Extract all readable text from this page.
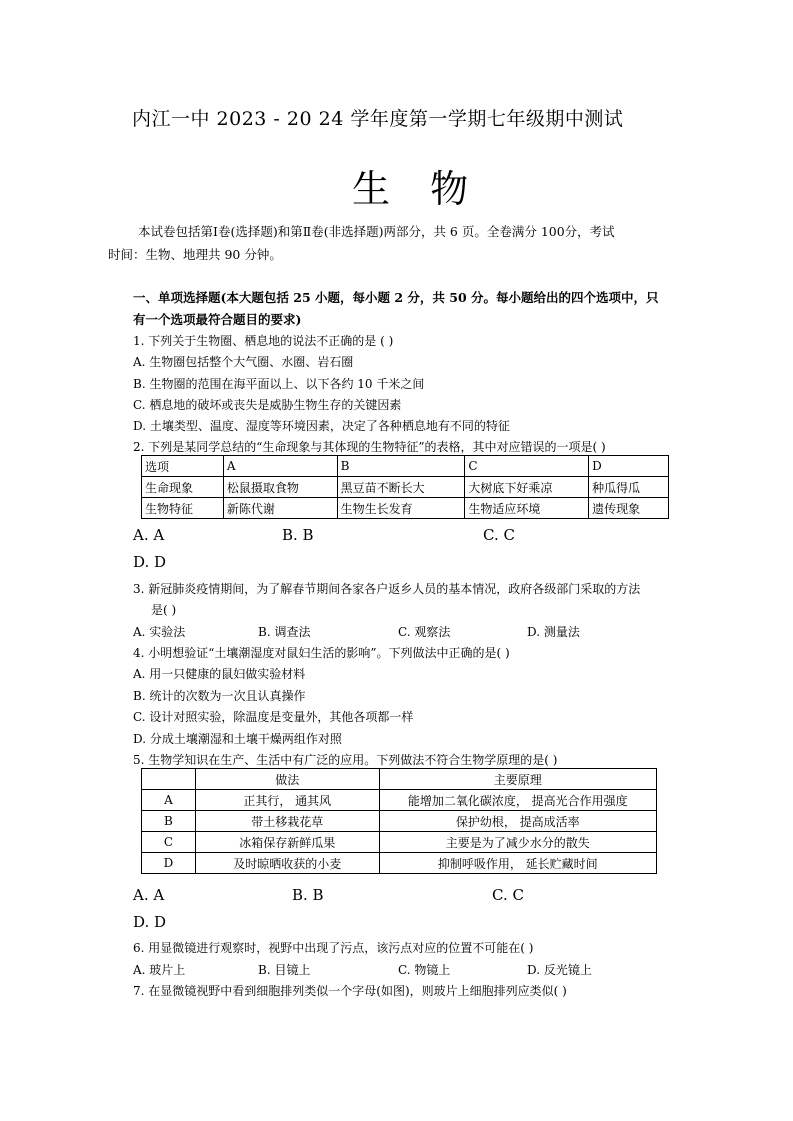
内江一中 2023 - 20 24 学年度第一学期七年级期中测试
生 物
本试卷包括第Ⅰ卷(选择题)和第Ⅱ卷(非选择题)两部分，共 6 页。全卷满分 100分，考试
时间：生物、地理共 90 分钟。
一、单项选择题(本大题包括 25 小题，每小题 2 分，共 50 分。每小题给出的四个选项中，只
有一个选项最符合题目的要求)
1. 下列关于生物圈、栖息地的说法不正确的是 ( )
A. 生物圈包括整个大气圈、水圈、岩石圈
B. 生物圈的范围在海平面以上、以下各约 10 千米之间
C. 栖息地的破坏或丧失是威胁生物生存的关键因素
D. 土壤类型、温度、湿度等环境因素，决定了各种栖息地有不同的特征
2. 下列是某同学总结的“生命现象与其体现的生物特征”的表格，其中对应错误的一项是( )
选项	A	B	C	D
生命现象	松鼠摄取食物	黑豆苗不断长大	大树底下好乘凉	种瓜得瓜
生物特征	新陈代谢	生物生长发育	生物适应环境	遗传现象
A. A	B. B	C. C
D. D
3. 新冠肺炎疫情期间，为了解春节期间各家各户返乡人员的基本情况，政府各级部门采取的方法
是( )
A. 实验法	B. 调查法	C. 观察法	D. 测量法
4. 小明想验证“土壤潮湿度对鼠妇生活的影响”。下列做法中正确的是( )
A. 用一只健康的鼠妇做实验材料
B. 统计的次数为一次且认真操作
C. 设计对照实验，除温度是变量外，其他各项都一样
D. 分成土壤潮湿和土壤干燥两组作对照
5. 生物学知识在生产、生活中有广泛的应用。下列做法不符合生物学原理的是( )
	做法	主要原理
A	正其行， 通其风	能增加二氧化碳浓度， 提高光合作用强度
B	带土移栽花草	保护幼根， 提高成活率
C	冰箱保存新鲜瓜果	主要是为了减少水分的散失
D	及时晾晒收获的小麦	抑制呼吸作用， 延长贮藏时间
A. A	B. B	C. C
D. D
6. 用显微镜进行观察时，视野中出现了污点，该污点对应的位置不可能在( )
A. 玻片上	B. 目镜上	C. 物镜上	D. 反光镜上
7. 在显微镜视野中看到细胞排列类似一个字母(如图)，则玻片上细胞排列应类似( )
